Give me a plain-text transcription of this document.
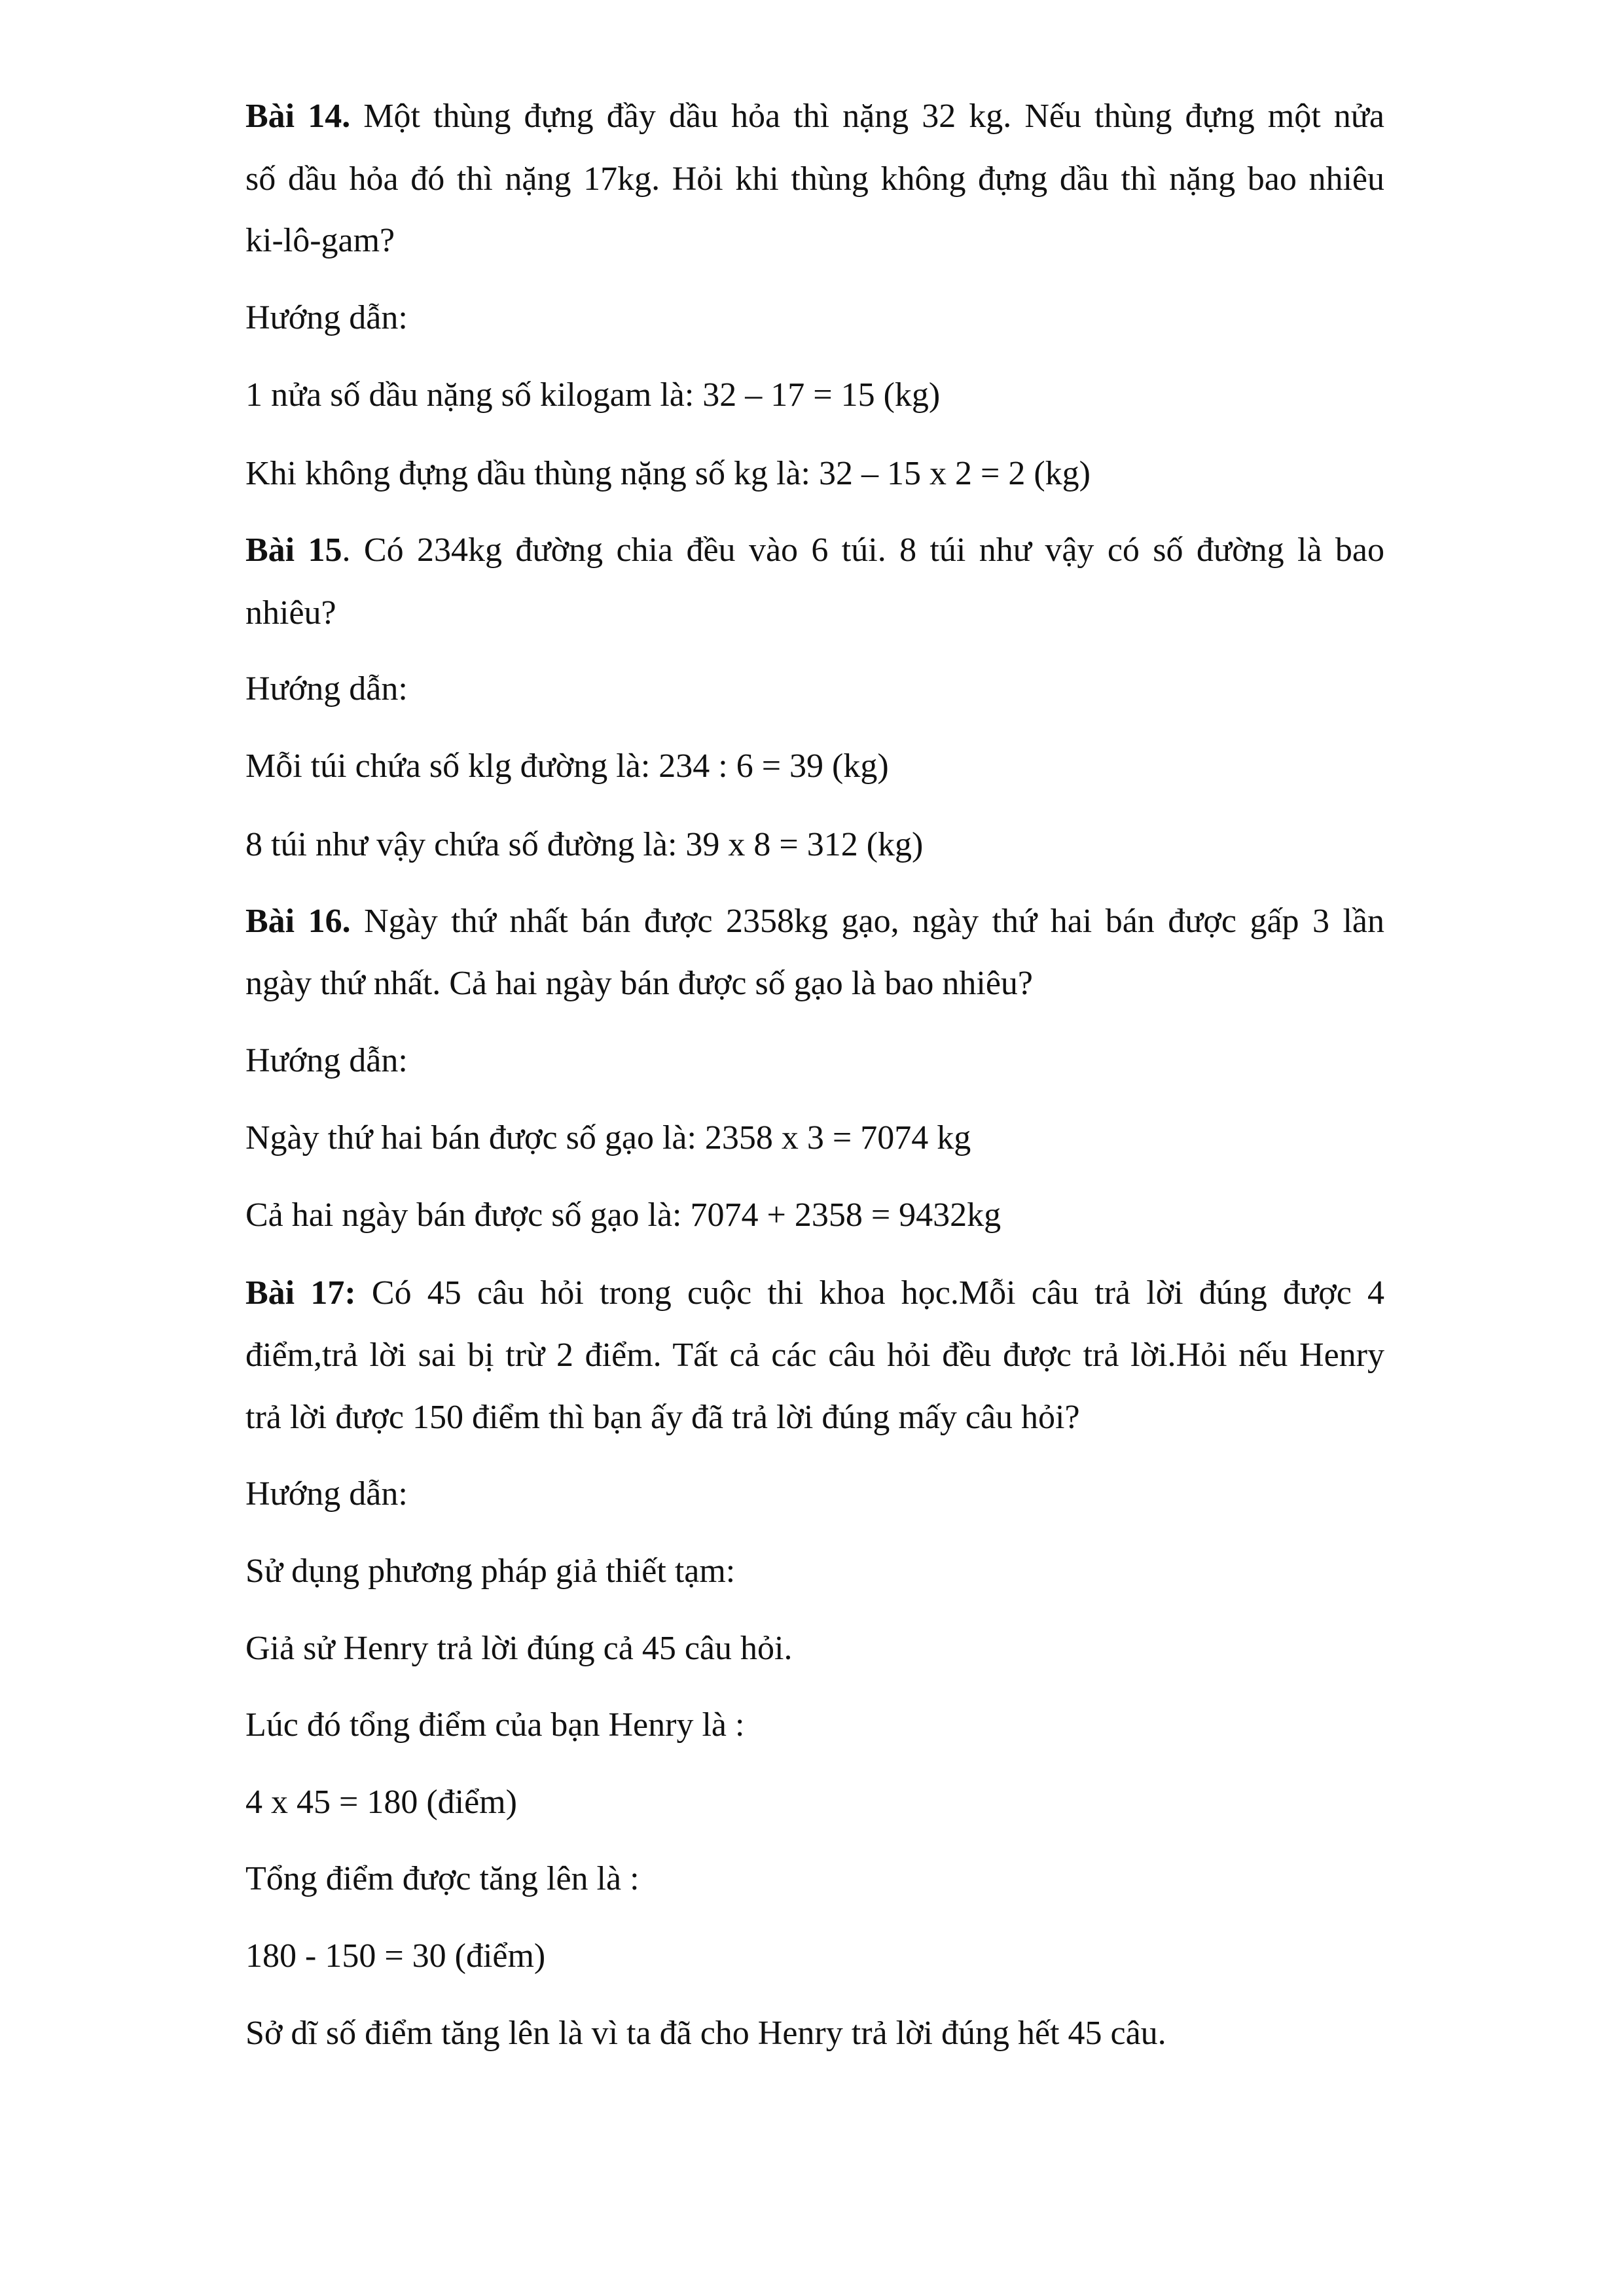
Bài 14. Một thùng đựng đầy dầu hỏa thì nặng 32 kg. Nếu thùng đựng một nửa
số dầu hỏa đó thì nặng 17kg. Hỏi khi thùng không đựng dầu thì nặng bao nhiêu
ki-lô-gam?
Hướng dẫn:
1 nửa số dầu nặng số kilogam là: 32 – 17 = 15 (kg)
Khi không đựng dầu thùng nặng số kg là: 32 – 15 x 2 = 2 (kg)
Bài 15. Có 234kg đường chia đều vào 6 túi. 8 túi như vậy có số đường là bao
nhiêu?
Hướng dẫn:
Mỗi túi chứa số klg đường là: 234 : 6 = 39 (kg)
8 túi như vậy chứa số đường là: 39 x 8 = 312 (kg)
Bài 16. Ngày thứ nhất bán được 2358kg gạo, ngày thứ hai bán được gấp 3 lần
ngày thứ nhất. Cả hai ngày bán được số gạo là bao nhiêu?
Hướng dẫn:
Ngày thứ hai bán được số gạo là: 2358 x 3 = 7074 kg
Cả hai ngày bán được số gạo là: 7074 + 2358 = 9432kg
Bài 17: Có 45 câu hỏi trong cuộc thi khoa học.Mỗi câu trả lời đúng được 4
điểm,trả lời sai bị trừ 2 điểm. Tất cả các câu hỏi đều được trả lời.Hỏi nếu Henry
trả lời được 150 điểm thì bạn ấy đã trả lời đúng mấy câu hỏi?
Hướng dẫn:
Sử dụng phương pháp giả thiết tạm:
Giả sử Henry trả lời đúng cả 45 câu hỏi.
Lúc đó tổng điểm của bạn Henry là :
4 x 45 = 180 (điểm)
Tổng điểm được tăng lên là :
180 - 150 = 30 (điểm)
Sở dĩ số điểm tăng lên là vì ta đã cho Henry trả lời đúng hết 45 câu.
